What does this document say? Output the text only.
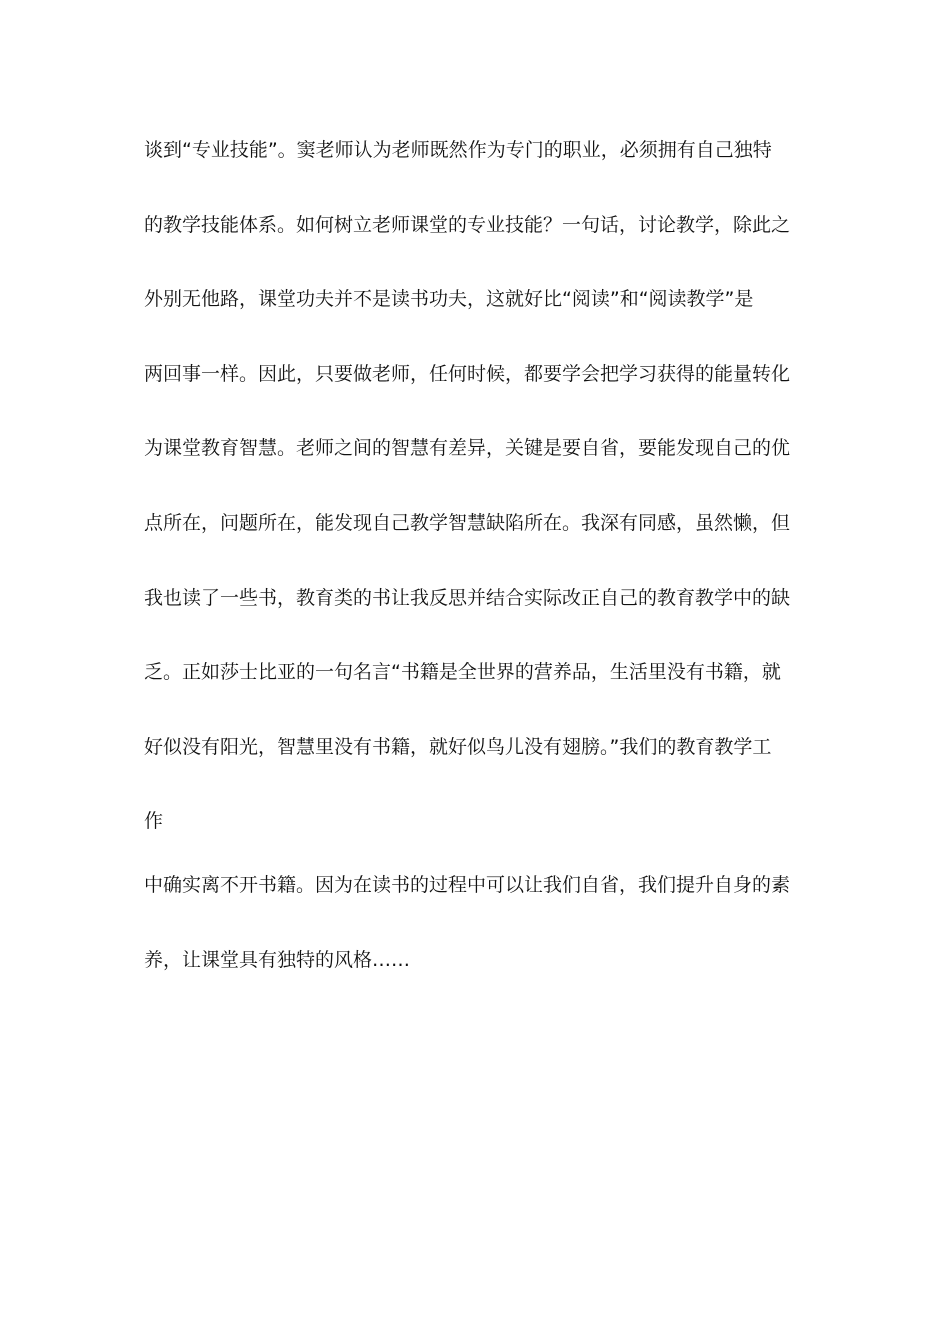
谈到“专业技能”。窦老师认为老师既然作为专门的职业，必须拥有自己独特
的教学技能体系。如何树立老师课堂的专业技能？一句话，讨论教学，除此之
外别无他路，课堂功夫并不是读书功夫，这就好比“阅读”和“阅读教学”是
两回事一样。因此，只要做老师，任何时候，都要学会把学习获得的能量转化
为课堂教育智慧。老师之间的智慧有差异，关键是要自省，要能发现自己的优
点所在，问题所在，能发现自己教学智慧缺陷所在。我深有同感，虽然懒，但
我也读了一些书，教育类的书让我反思并结合实际改正自己的教育教学中的缺
乏。正如莎士比亚的一句名言“书籍是全世界的营养品，生活里没有书籍，就
好似没有阳光，智慧里没有书籍，就好似鸟儿没有翅膀。”我们的教育教学工
作
中确实离不开书籍。因为在读书的过程中可以让我们自省，我们提升自身的素
养，让课堂具有独特的风格……
